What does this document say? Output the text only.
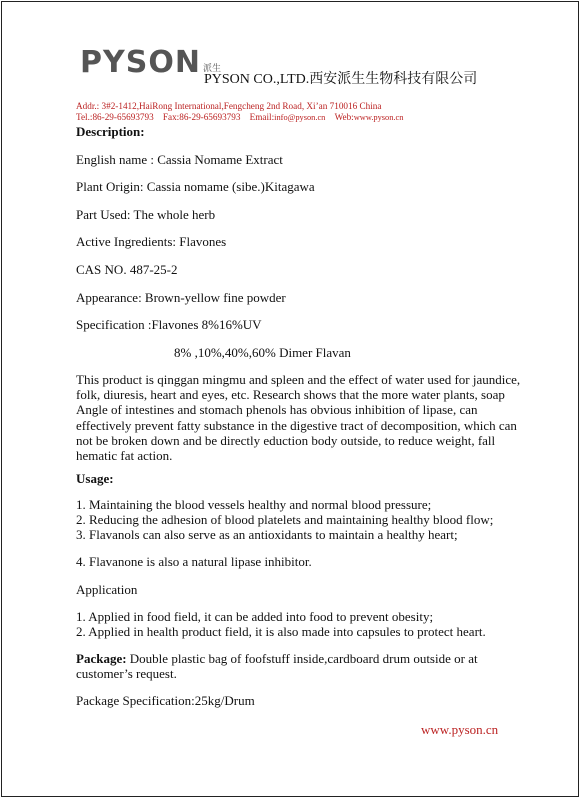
PYSON 派生
PYSON CO.,LTD.西安派生生物科技有限公司
Addr.: 3#2-1412,HaiRong International,Fengcheng 2nd Road, Xi’an 710016 China
Tel.:86-29-65693793 Fax:86-29-65693793 Email:info@pyson.cn Web:www.pyson.cn
Description:
English name : Cassia Nomame Extract
Plant Origin: Cassia nomame (sibe.)Kitagawa
Part Used: The whole herb
Active Ingredients: Flavones
CAS NO. 487-25-2
Appearance: Brown-yellow fine powder
Specification :Flavones 8%16%UV
8% ,10%,40%,60% Dimer Flavan
This product is qinggan mingmu and spleen and the effect of water used for jaundice,
folk, diuresis, heart and eyes, etc. Research shows that the more water plants, soap
Angle of intestines and stomach phenols has obvious inhibition of lipase, can
effectively prevent fatty substance in the digestive tract of decomposition, which can
not be broken down and be directly eduction body outside, to reduce weight, fall
hematic fat action.
Usage:
1. Maintaining the blood vessels healthy and normal blood pressure;
2. Reducing the adhesion of blood platelets and maintaining healthy blood flow;
3. Flavanols can also serve as an antioxidants to maintain a healthy heart;
4. Flavanone is also a natural lipase inhibitor.
Application
1. Applied in food field, it can be added into food to prevent obesity;
2. Applied in health product field, it is also made into capsules to protect heart.
Package: Double plastic bag of foofstuff inside,cardboard drum outside or at
customer’s request.
Package Specification:25kg/Drum
www.pyson.cn
